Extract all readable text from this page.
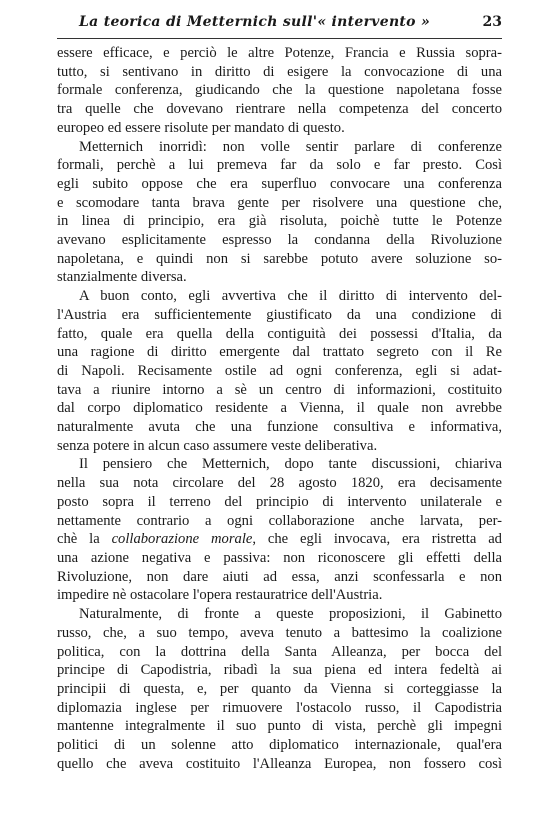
La teorica di Metternich sull'« intervento »	23

essere efficace, e perciò le altre Potenze, Francia e Russia sopra-
tutto, si sentivano in diritto di esigere la convocazione di una
formale conferenza, giudicando che la questione napoletana fosse
tra quelle che dovevano rientrare nella competenza del concerto
europeo ed essere risolute per mandato di questo.

Metternich inorridì: non volle sentir parlare di conferenze
formali, perchè a lui premeva far da solo e far presto. Così
egli subito oppose che era superfluo convocare una conferenza
e scomodare tanta brava gente per risolvere una questione che,
in linea di principio, era già risoluta, poichè tutte le Potenze
avevano esplicitamente espresso la condanna della Rivoluzione
napoletana, e quindi non si sarebbe potuto avere soluzione so-
stanzialmente diversa.

A buon conto, egli avvertiva che il diritto di intervento del-
l'Austria era sufficientemente giustificato da una condizione di
fatto, quale era quella della contiguità dei possessi d'Italia, da
una ragione di diritto emergente dal trattato segreto con il Re
di Napoli. Recisamente ostile ad ogni conferenza, egli si adat-
tava a riunire intorno a sè un centro di informazioni, costituito
dal corpo diplomatico residente a Vienna, il quale non avrebbe
naturalmente avuta che una funzione consultiva e informativa,
senza potere in alcun caso assumere veste deliberativa.

Il pensiero che Metternich, dopo tante discussioni, chiariva
nella sua nota circolare del 28 agosto 1820, era decisamente
posto sopra il terreno del principio di intervento unilaterale e
nettamente contrario a ogni collaborazione anche larvata, per-
chè la collaborazione morale, che egli invocava, era ristretta ad
una azione negativa e passiva: non riconoscere gli effetti della
Rivoluzione, non dare aiuti ad essa, anzi sconfessarla e non
impedire nè ostacolare l'opera restauratrice dell'Austria.

Naturalmente, di fronte a queste proposizioni, il Gabinetto
russo, che, a suo tempo, aveva tenuto a battesimo la coalizione
politica, con la dottrina della Santa Alleanza, per bocca del
principe di Capodistria, ribadì la sua piena ed intera fedeltà ai
principii di questa, e, per quanto da Vienna si corteggiasse la
diplomazia inglese per rimuovere l'ostacolo russo, il Capodistria
mantenne integralmente il suo punto di vista, perchè gli impegni
politici di un solenne atto diplomatico internazionale, qual'era
quello che aveva costituito l'Alleanza Europea, non fossero così
